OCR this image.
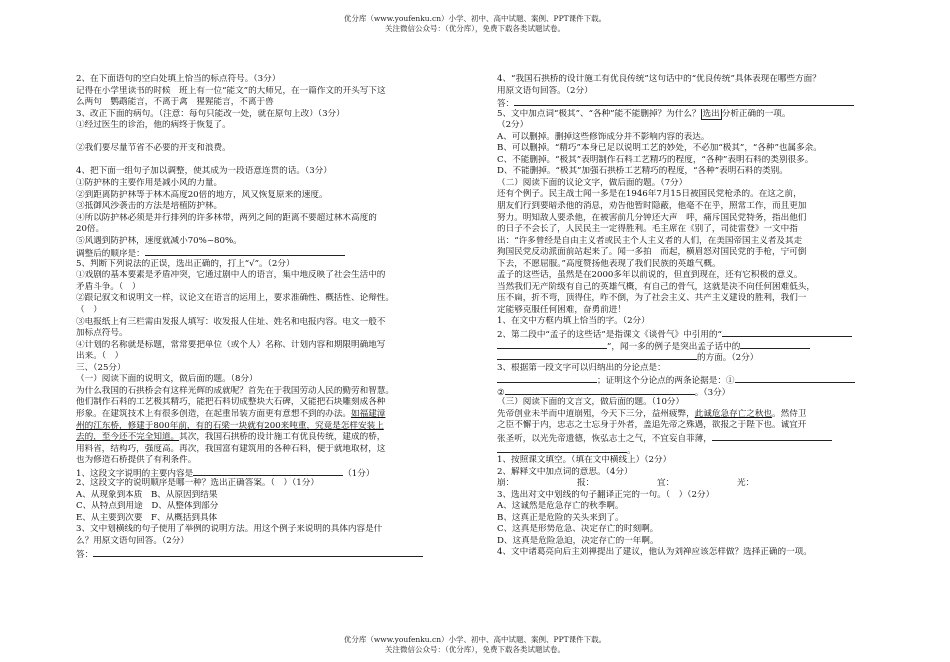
优分库（www.youfenku.cn）小学、初中、高中试题、案例、PPT课件下载。
关注微信公众号：（优分库），免费下载各类试题试卷。
2、在下面语句的空白处填上恰当的标点符号。（3分）
记得在小学里读书的时候　班上有一位“能文”的大师兄，在一篇作文的开头写下这
么两句　鹦鹉能言，不离于禽　猩猩能言，不离于兽
3、改正下面的病句。（注意：每句只能改一处，就在原句上改）（3分）
①经过医生的诊治，他的病终于恢复了。
②我们要尽量节省不必要的开支和浪费。
4、把下面一组句子加以调整，使其成为一段语意连贯的话。（3分）
①防护林的主要作用是减小风的力量。
②到距离防护林等于林木高度20倍的地方，风又恢复原来的速度。
③抵御风沙袭击的方法是培植防护林。
④所以防护林必须是并行排列的许多林带，两列之间的距离不要超过林木高度的
20倍。
⑤风遇到防护林，速度就减小70%~80%。
调整后的顺序是：
5、判断下列说法的正误，选出正确的，打上“√”。（2分）
①戏剧的基本要素是矛盾冲突，它通过剧中人的语言，集中地反映了社会生活中的
矛盾斗争。（　）
②跟记叙文和说明文一样，议论文在语言的运用上，要求准确性、概括性、论辩性。
（　）
③电报纸上有三栏需由发报人填写：收发报人住址、姓名和电报内容。电文一般不
加标点符号。
④计划的名称就是标题，常常要把单位（或个人）名称、计划内容和期限明确地写
出来。（　）
三、（25分）
（一）阅读下面的说明文，做后面的题。（8分）
为什么我国的石拱桥会有这样光辉的成就呢？首先在于我国劳动人民的勤劳和智慧。
他们制作石料的工艺极其精巧，能把石料切成整块大石碑，又能把石块雕刻成各种
形象。在建筑技术上有很多创造，在起重吊装方面更有意想不到的办法。如福建漳
州的江东桥，修建于800年前，有的石梁一块就有200来吨重，究竟是怎样安装上
去的，至今还不完全知道。其次，我国石拱桥的设计施工有优良传统，建成的桥，
用料省，结构巧，强度高。再次，我国富有建筑用的各种石料，便于就地取材，这
也为修造石桥提供了有利条件。
1、这段文字说明的主要内容是	（1分）
2、这段文字的说明顺序是哪一种？选出正确答案。（　）（1分）
A、从现象到本质　B、从原因到结果
C、从特点到用途　D、从整体到部分
E、从主要到次要　F、从概括到具体
3、文中划横线的句子使用了举例的说明方法。用这个例子来说明的具体内容是什
么？用原文语句回答。（2分）
答：
4、“我国石拱桥的设计施工有优良传统”这句话中的“优良传统”具体表现在哪些方面？
用原文语句回答。（2分）
答：
5、文中加点词“极其”、“各种”能不能删掉？为什么？ 选出 分析正确的一项。
（2分）
A、可以删掉。删掉这些修饰成分并不影响内容的表达。
B、可以删掉。“精巧”本身已足以说明工艺的妙处，不必加“极其”，“各种”也属多余。
C、不能删掉。“极其”表明制作石料工艺精巧的程度，“各种”表明石料的类别很多。
D、不能删掉。“极其”加强石拱桥工艺精巧的程度，“各种”表明石料的类别。
（二）阅读下面的议论文字，做后面的题。（7分）
还有个例子。民主战士闻一多是在1946年7月15日被国民党枪杀的。在这之前，
朋友们行到要暗杀他的消息，劝告他暂时隐蔽，他毫不在乎，照常工作，而且更加
努力。明知敌人要杀他，在被害前几分钟还大声　呼，痛斥国民党特务，指出他们
的日子不会长了，人民民主一定得胜利。毛主席在《别了，司徒雷登》一文中指
出：“许多曾经是自由主义者或民主个人主义者的人们，在美国帝国主义者及其走
狗国民党反动派面前站起来了。闻一多拍　而起，横眉怒对国民党的手枪，宁可倒
下去，不愿屈服。”高度赞扬他表现了我们民族的英雄气概。
孟子的这些话，虽然是在2000多年以前说的，但直到现在，还有它积极的意义。
当然我们无产阶级有自己的英雄气概，有自己的骨气，这就是决不向任何困难低头，
压不扁，折不弯，顶得住，咋不倒，为了社会主义、共产主义建设的胜利，我们一
定能够克服任何困难，奋勇前进！
1、在文中方框内填上恰当的字。（2分）
2、第二段中“孟子的这些话”是指课文《谈骨气》中引用的“
”，闻一多的例子是突出孟子话中的
的方面。（2分）
3、根据第一段文字可以归纳出的分论点是：
；证明这个分论点的两条论据是：①
②	。（3分）
（三）阅读下面的文言文，做后面的题。（10分）
先帝创业未半而中道崩殂，今天下三分，益州疲弊，此诚危急存亡之秋也。然侍卫
之臣不懈于内，忠志之士忘身于外者，盖追先帝之殊遇，欲报之于陛下也。诚宜开
张圣听，以光先帝遗德，恢弘志士之气，不宜妄自菲薄，
。
1、按照课文填空。（填在文中横线上）（2分）
2、解释文中加点词的意思。（4分）
崩：	报：	宜：	光：
3、选出对文中划线的句子翻译正完的一句。（　）（2分）
A、这诚然是危急存亡的秋季啊。
B、这真正是危险的关头来到了。
C、这真是形势危急、决定存亡的时刻啊。
D、这真是危险急迫，决定存亡的一年啊。
4、文中诸葛亮向后主刘禅提出了建议，他认为刘禅应该怎样做？选择正确的一项。
优分库（www.youfenku.cn）小学、初中、高中试题、案例、PPT课件下载。
关注微信公众号：（优分库），免费下载各类试题试卷。
